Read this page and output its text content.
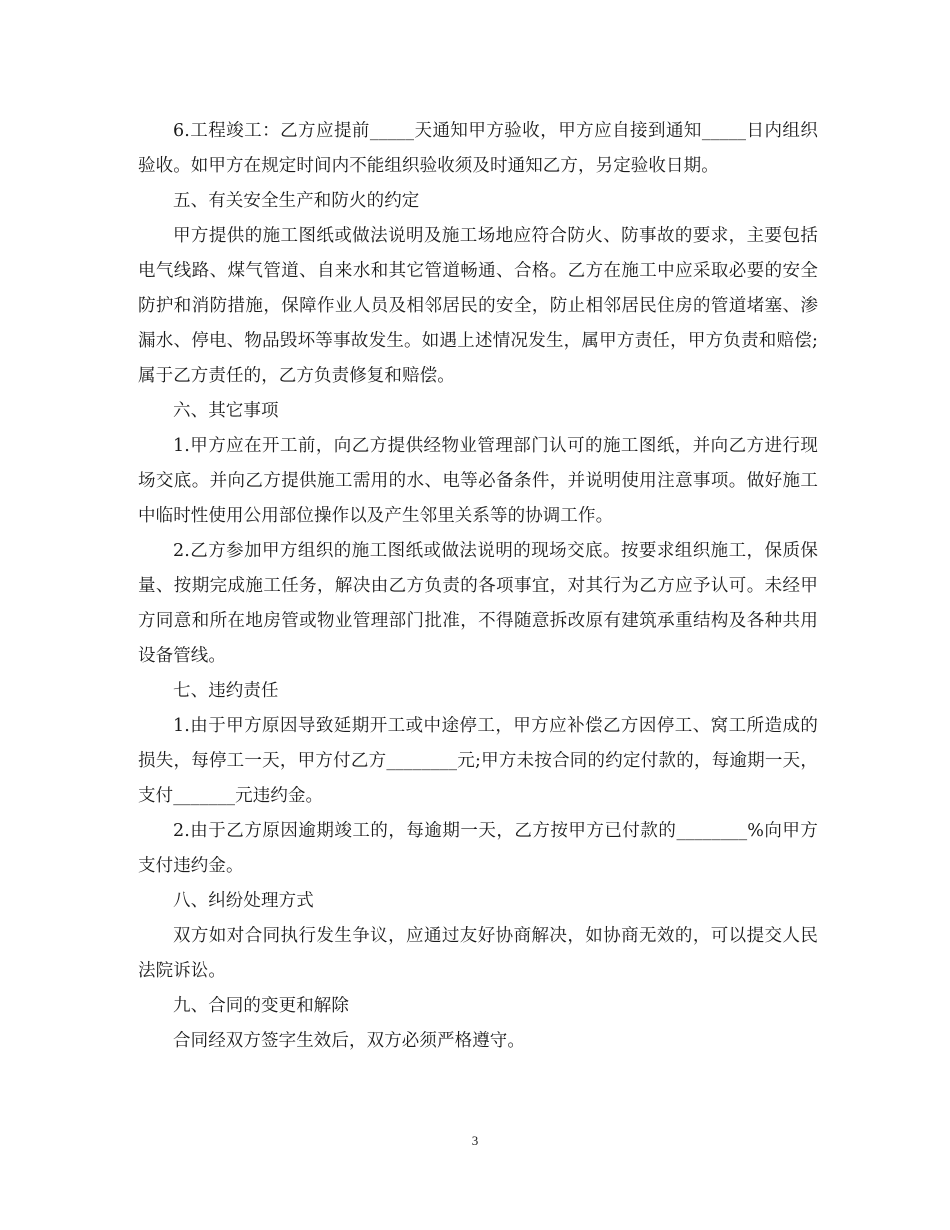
6.工程竣工：乙方应提前_____天通知甲方验收，甲方应自接到通知_____日内组织验收。如甲方在规定时间内不能组织验收须及时通知乙方，另定验收日期。

五、有关安全生产和防火的约定

甲方提供的施工图纸或做法说明及施工场地应符合防火、防事故的要求，主要包括电气线路、煤气管道、自来水和其它管道畅通、合格。乙方在施工中应采取必要的安全防护和消防措施，保障作业人员及相邻居民的安全，防止相邻居民住房的管道堵塞、渗漏水、停电、物品毁坏等事故发生。如遇上述情况发生，属甲方责任，甲方负责和赔偿;属于乙方责任的，乙方负责修复和赔偿。

六、其它事项

1.甲方应在开工前，向乙方提供经物业管理部门认可的施工图纸，并向乙方进行现场交底。并向乙方提供施工需用的水、电等必备条件，并说明使用注意事项。做好施工中临时性使用公用部位操作以及产生邻里关系等的协调工作。

2.乙方参加甲方组织的施工图纸或做法说明的现场交底。按要求组织施工，保质保量、按期完成施工任务，解决由乙方负责的各项事宜，对其行为乙方应予认可。未经甲方同意和所在地房管或物业管理部门批准，不得随意拆改原有建筑承重结构及各种共用设备管线。

七、违约责任

1.由于甲方原因导致延期开工或中途停工，甲方应补偿乙方因停工、窝工所造成的损失，每停工一天，甲方付乙方________元;甲方未按合同的约定付款的，每逾期一天，支付_______元违约金。

2.由于乙方原因逾期竣工的，每逾期一天，乙方按甲方已付款的________%向甲方支付违约金。

八、纠纷处理方式

双方如对合同执行发生争议，应通过友好协商解决，如协商无效的，可以提交人民法院诉讼。

九、合同的变更和解除

合同经双方签字生效后，双方必须严格遵守。

3
